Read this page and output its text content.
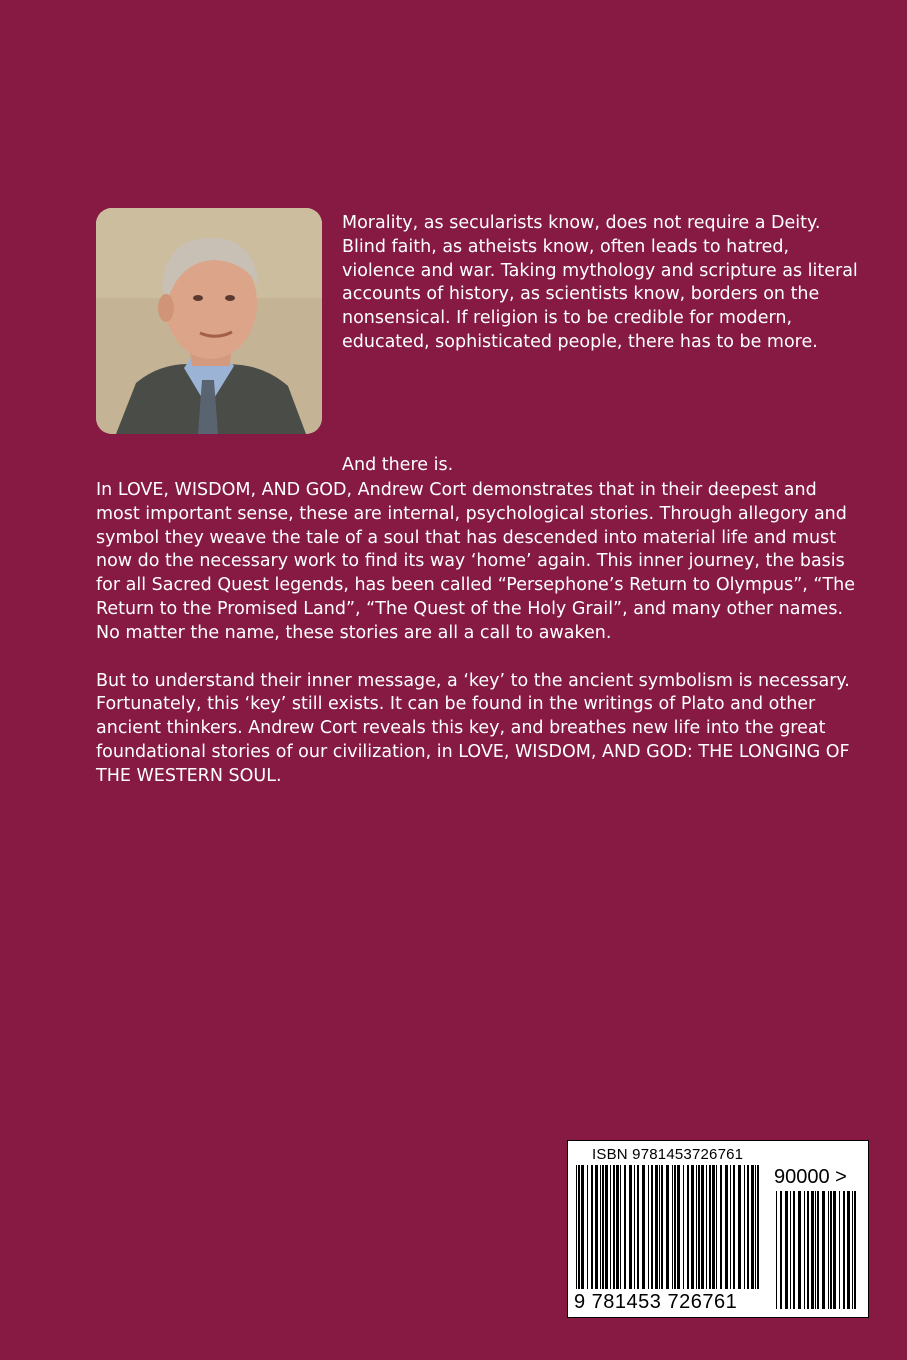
Morality, as secularists know, does not require a Deity. Blind faith, as atheists know, often leads to hatred, violence and war. Taking mythology and scripture as literal accounts of history, as scientists know, borders on the nonsensical. If religion is to be credible for modern, educated, sophisticated people, there has to be more.

And there is.

In LOVE, WISDOM, AND GOD, Andrew Cort demonstrates that in their deepest and most important sense, these are internal, psychological stories. Through allegory and symbol they weave the tale of a soul that has descended into material life and must now do the necessary work to find its way ‘home’ again. This inner journey, the basis for all Sacred Quest legends, has been called “Persephone’s Return to Olympus”, “The Return to the Promised Land”, “The Quest of the Holy Grail”, and many other names. No matter the name, these stories are all a call to awaken.

But to understand their inner message, a ‘key’ to the ancient symbolism is necessary. Fortunately, this ‘key’ still exists. It can be found in the writings of Plato and other ancient thinkers. Andrew Cort reveals this key, and breathes new life into the great foundational stories of our civilization, in LOVE, WISDOM, AND GOD: THE LONGING OF THE WESTERN SOUL.

ISBN 9781453726761
90000 >
9 781453 726761
